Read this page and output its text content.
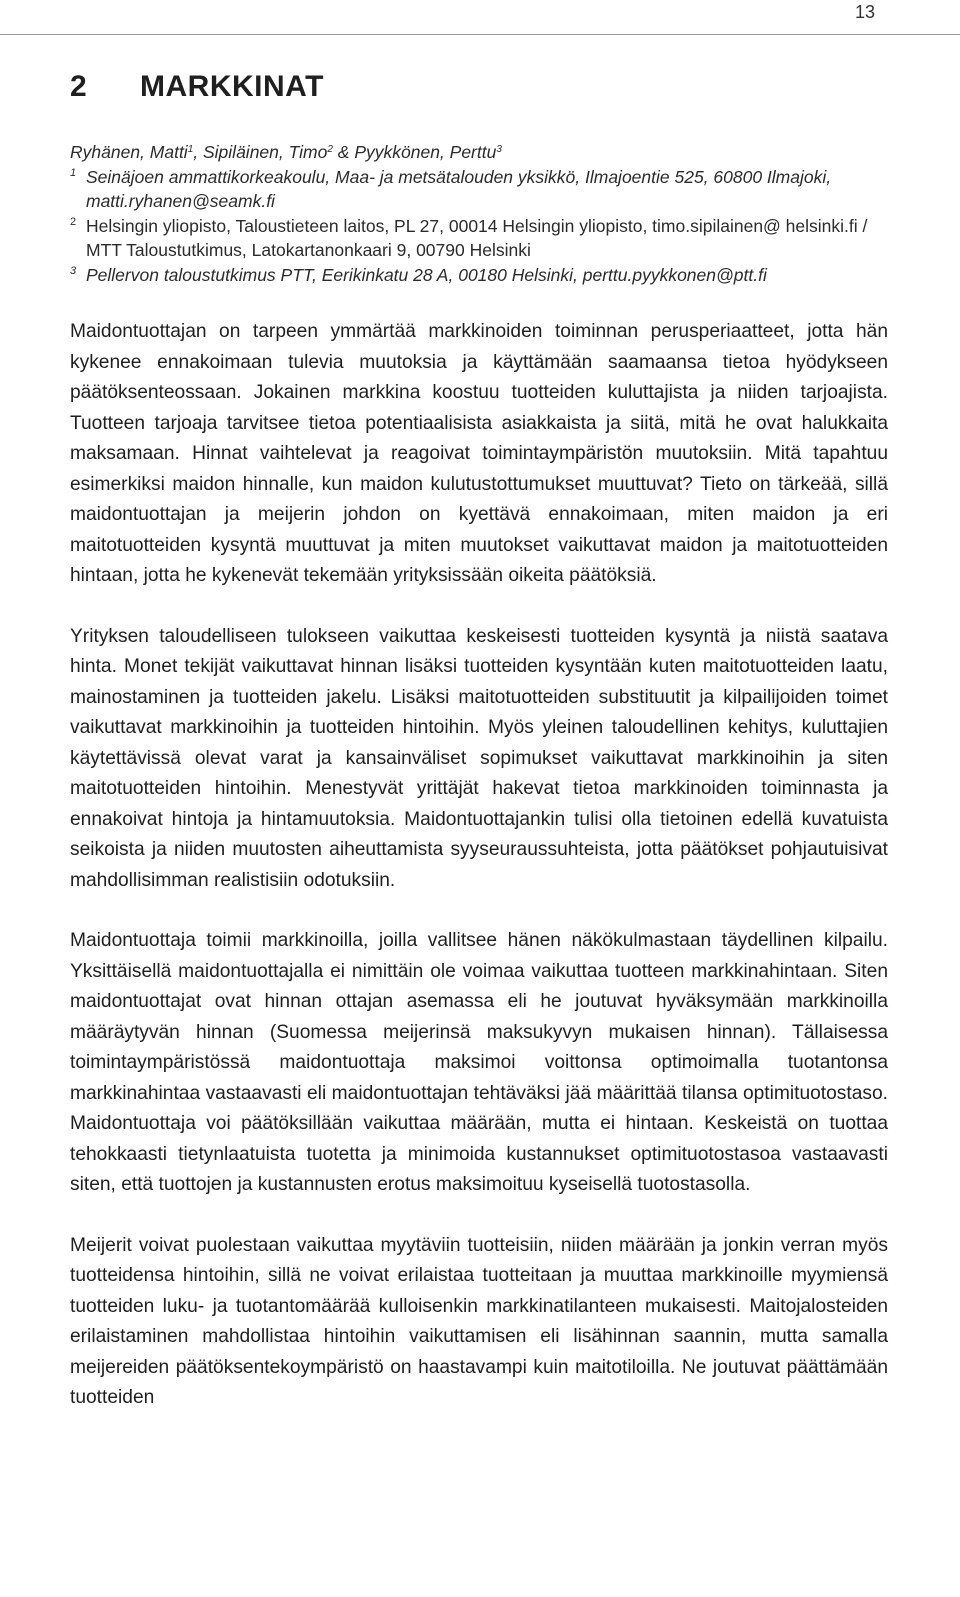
13
2	MARKKINAT
Ryhänen, Matti$^1$, Sipiläinen, Timo$^2$ & Pyykkönen, Perttu$^3$
1 Seinäjoen ammattikorkeakoulu, Maa- ja metsätalouden yksikkö, Ilmajoentie 525, 60800 Ilmajoki, matti.ryhanen@seamk.fi
2 Helsingin yliopisto, Taloustieteen laitos, PL 27, 00014 Helsingin yliopisto, timo.sipilainen@ helsinki.fi / MTT Taloustutkimus, Latokartanonkaari 9, 00790 Helsinki
3 Pellervon taloustutkimus PTT, Eerikinkatu 28 A, 00180 Helsinki, perttu.pyykkonen@ptt.fi

Maidontuottajan on tarpeen ymmärtää markkinoiden toiminnan perusperiaatteet, jotta hän kykenee ennakoimaan tulevia muutoksia ja käyttämään saamaansa tietoa hyödykseen päätöksenteossaan. Jokainen markkina koostuu tuotteiden kuluttajista ja niiden tarjoajista. Tuotteen tarjoaja tarvitsee tietoa potentiaalisista asiakkaista ja siitä, mitä he ovat halukkaita maksamaan. Hinnat vaihtelevat ja reagoivat toimintaympäristön muutoksiin. Mitä tapahtuu esimerkiksi maidon hinnalle, kun maidon kulutustottumukset muuttuvat? Tieto on tärkeää, sillä maidontuottajan ja meijerin johdon on kyettävä ennakoimaan, miten maidon ja eri maitotuotteiden kysyntä muuttuvat ja miten muutokset vaikuttavat maidon ja maitotuotteiden hintaan, jotta he kykenevät tekemään yrityksissään oikeita päätöksiä.

Yrityksen taloudelliseen tulokseen vaikuttaa keskeisesti tuotteiden kysyntä ja niistä saatava hinta. Monet tekijät vaikuttavat hinnan lisäksi tuotteiden kysyntään kuten maitotuotteiden laatu, mainostaminen ja tuotteiden jakelu. Lisäksi maitotuotteiden substituutit ja kilpailijoiden toimet vaikuttavat markkinoihin ja tuotteiden hintoihin. Myös yleinen taloudellinen kehitys, kuluttajien käytettävissä olevat varat ja kansainväliset sopimukset vaikuttavat markkinoihin ja siten maitotuotteiden hintoihin. Menestyvät yrittäjät hakevat tietoa markkinoiden toiminnasta ja ennakoivat hintoja ja hintamuutoksia. Maidontuottajankin tulisi olla tietoinen edellä kuvatuista seikoista ja niiden muutosten aiheuttamista syyseuraussuhteista, jotta päätökset pohjautuisivat mahdollisimman realistisiin odotuksiin.

Maidontuottaja toimii markkinoilla, joilla vallitsee hänen näkökulmastaan täydellinen kilpailu. Yksittäisellä maidontuottajalla ei nimittäin ole voimaa vaikuttaa tuotteen markkinahintaan. Siten maidontuottajat ovat hinnan ottajan asemassa eli he joutuvat hyväksymään markkinoilla määräytyvän hinnan (Suomessa meijerinsä maksukyvyn mukaisen hinnan). Tällaisessa toimintaympäristössä maidontuottaja maksimoi voittonsa optimoimalla tuotantonsa markkinahintaa vastaavasti eli maidontuottajan tehtäväksi jää määrittää tilansa optimituotostaso. Maidontuottaja voi päätöksillään vaikuttaa määrään, mutta ei hintaan. Keskeistä on tuottaa tehokkaasti tietynlaatuista tuotetta ja minimoida kustannukset optimituotostasoa vastaavasti siten, että tuottojen ja kustannusten erotus maksimoituu kyseisellä tuotostasolla.

Meijerit voivat puolestaan vaikuttaa myytäviin tuotteisiin, niiden määrään ja jonkin verran myös tuotteidensa hintoihin, sillä ne voivat erilaistaa tuotteitaan ja muuttaa markkinoille myymiensä tuotteiden luku- ja tuotantomäärää kulloisenkin markkinatilanteen mukaisesti. Maitojalosteiden erilaistaminen mahdollistaa hintoihin vaikuttamisen eli lisähinnan saannin, mutta samalla meijereiden päätöksentekoympäristö on haastavampi kuin maitotiloilla. Ne joutuvat päättämään tuotteiden
